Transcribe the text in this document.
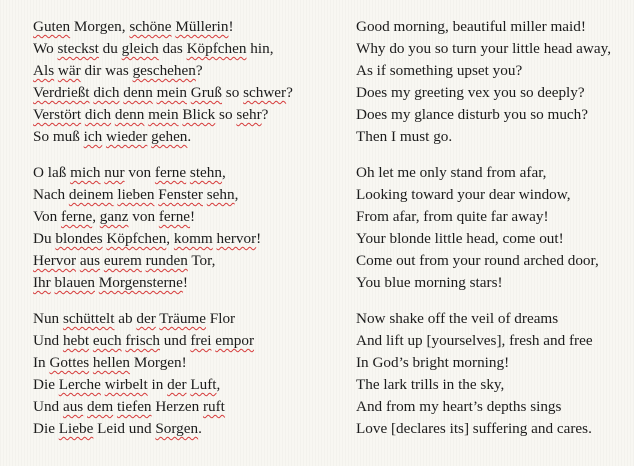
Guten Morgen, schöne Müllerin!
Wo steckst du gleich das Köpfchen hin,
Als wär dir was geschehen?
Verdrießt dich denn mein Gruß so schwer?
Verstört dich denn mein Blick so sehr?
So muß ich wieder gehen.
Good morning, beautiful miller maid!
Why do you so turn your little head away,
As if something upset you?
Does my greeting vex you so deeply?
Does my glance disturb you so much?
Then I must go.
O laß mich nur von ferne stehn,
Nach deinem lieben Fenster sehn,
Von ferne, ganz von ferne!
Du blondes Köpfchen, komm hervor!
Hervor aus eurem runden Tor,
Ihr blauen Morgensterne!
Oh let me only stand from afar,
Looking toward your dear window,
From afar, from quite far away!
Your blonde little head, come out!
Come out from your round arched door,
You blue morning stars!
Nun schüttelt ab der Träume Flor
Und hebt euch frisch und frei empor
In Gottes hellen Morgen!
Die Lerche wirbelt in der Luft,
Und aus dem tiefen Herzen ruft
Die Liebe Leid und Sorgen.
Now shake off the veil of dreams
And lift up [yourselves], fresh and free
In God’s bright morning!
The lark trills in the sky,
And from my heart’s depths sings
Love [declares its] suffering and cares.
